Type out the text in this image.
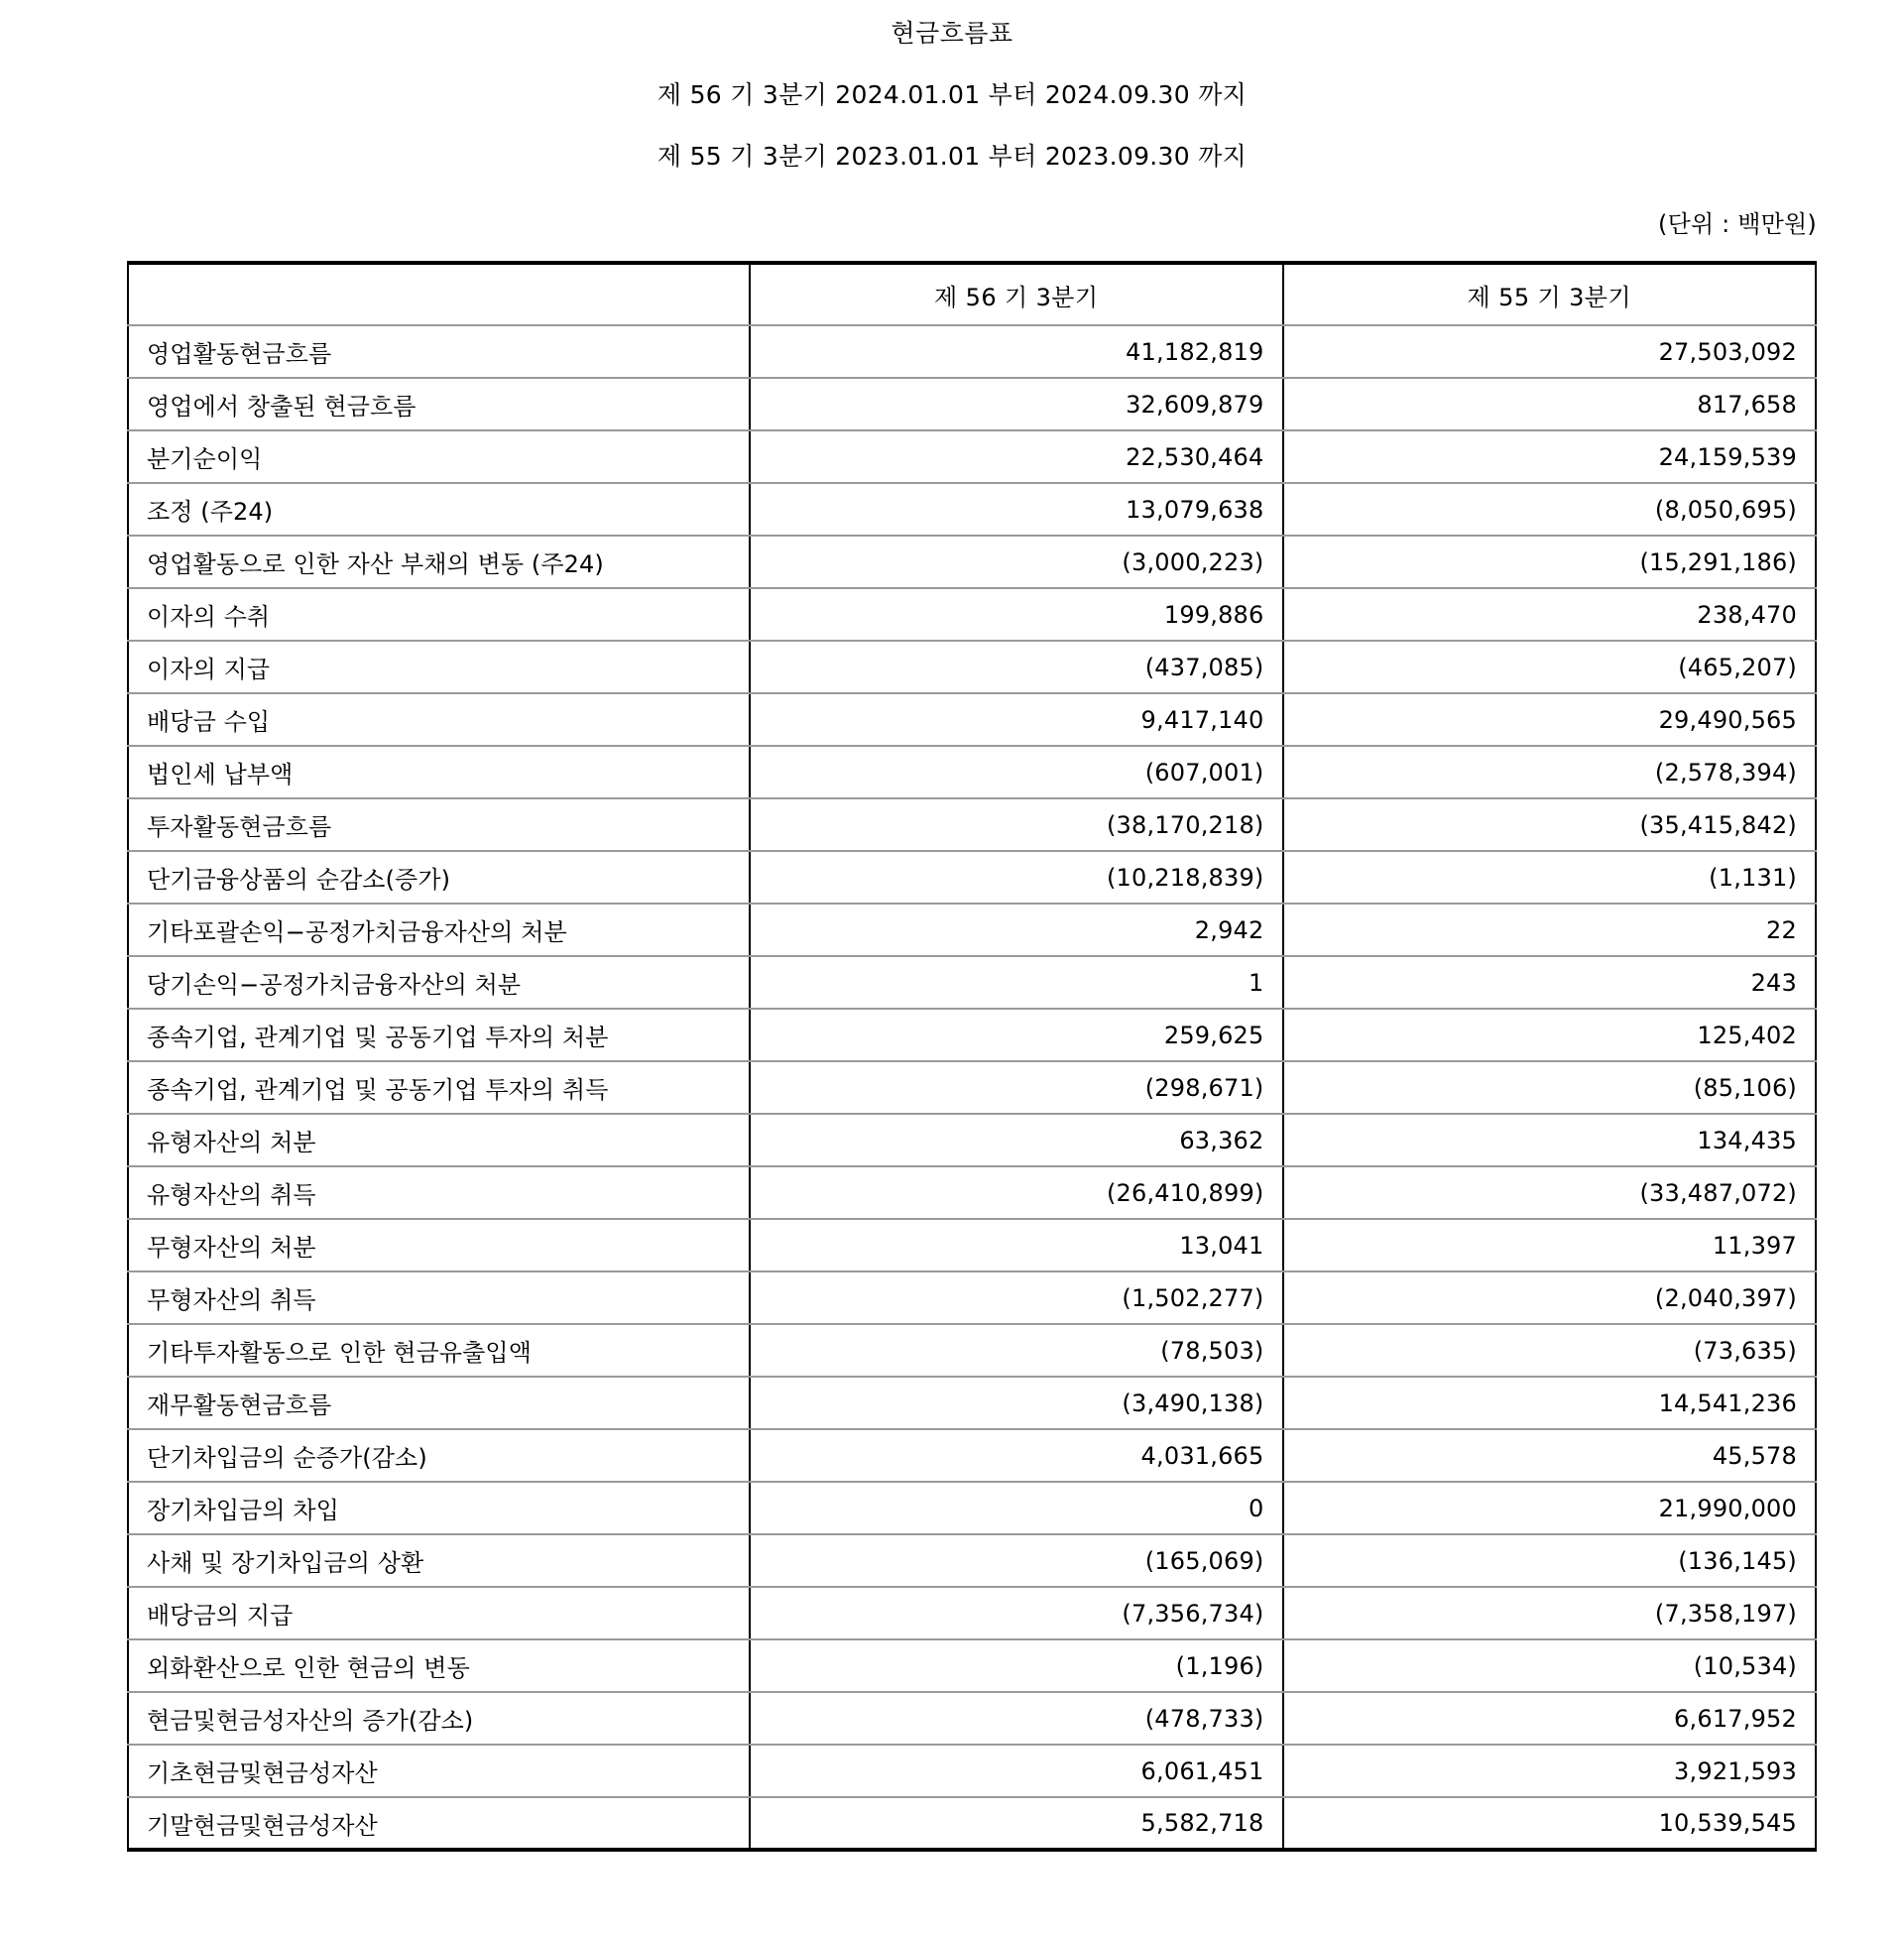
현금흐름표
제 56 기 3분기 2024.01.01 부터 2024.09.30 까지
제 55 기 3분기 2023.01.01 부터 2023.09.30 까지
(단위 : 백만원)
	제 56 기 3분기	제 55 기 3분기
영업활동현금흐름	41,182,819	27,503,092
영업에서 창출된 현금흐름	32,609,879	817,658
분기순이익	22,530,464	24,159,539
조정 (주24)	13,079,638	(8,050,695)
영업활동으로 인한 자산 부채의 변동 (주24)	(3,000,223)	(15,291,186)
이자의 수취	199,886	238,470
이자의 지급	(437,085)	(465,207)
배당금 수입	9,417,140	29,490,565
법인세 납부액	(607,001)	(2,578,394)
투자활동현금흐름	(38,170,218)	(35,415,842)
단기금융상품의 순감소(증가)	(10,218,839)	(1,131)
기타포괄손익−공정가치금융자산의 처분	2,942	22
당기손익−공정가치금융자산의 처분	1	243
종속기업, 관계기업 및 공동기업 투자의 처분	259,625	125,402
종속기업, 관계기업 및 공동기업 투자의 취득	(298,671)	(85,106)
유형자산의 처분	63,362	134,435
유형자산의 취득	(26,410,899)	(33,487,072)
무형자산의 처분	13,041	11,397
무형자산의 취득	(1,502,277)	(2,040,397)
기타투자활동으로 인한 현금유출입액	(78,503)	(73,635)
재무활동현금흐름	(3,490,138)	14,541,236
단기차입금의 순증가(감소)	4,031,665	45,578
장기차입금의 차입	0	21,990,000
사채 및 장기차입금의 상환	(165,069)	(136,145)
배당금의 지급	(7,356,734)	(7,358,197)
외화환산으로 인한 현금의 변동	(1,196)	(10,534)
현금및현금성자산의 증가(감소)	(478,733)	6,617,952
기초현금및현금성자산	6,061,451	3,921,593
기말현금및현금성자산	5,582,718	10,539,545
